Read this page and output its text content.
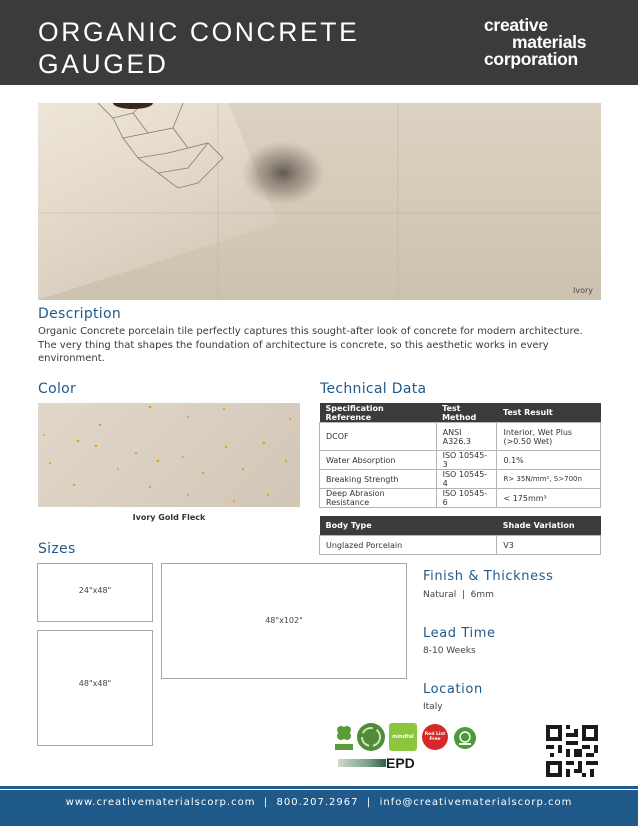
ORGANIC CONCRETE
GAUGED
creative
materials
corporation
Ivory
Description
Organic Concrete porcelain tile perfectly captures this sought-after look of concrete for modern architecture. The very thing that shapes the foundation of architecture is concrete, so this aesthetic works in every environment.
Color
Ivory Gold Fleck
Technical Data
Specification Reference	Test Method	Test Result
DCOF	ANSI A326.3	Interior, Wet Plus (>0.50 Wet)
Water Absorption	ISO 10545-3	0.1%
Breaking Strength	ISO 10545-4	R> 35N/mm², S>700n
Deep Abrasion Resistance	ISO 10545-6	< 175mm³
Body Type	Shade Variation
Unglazed Porcelain	V3
Sizes
24"x48"
48"x48"
48"x102"
Finish & Thickness
Natural  |  6mm
Lead Time
8-10 Weeks
Location
Italy
mindful	Red List Free
EPD
www.creativematerialscorp.com  |  800.207.2967  |  info@creativematerialscorp.com
